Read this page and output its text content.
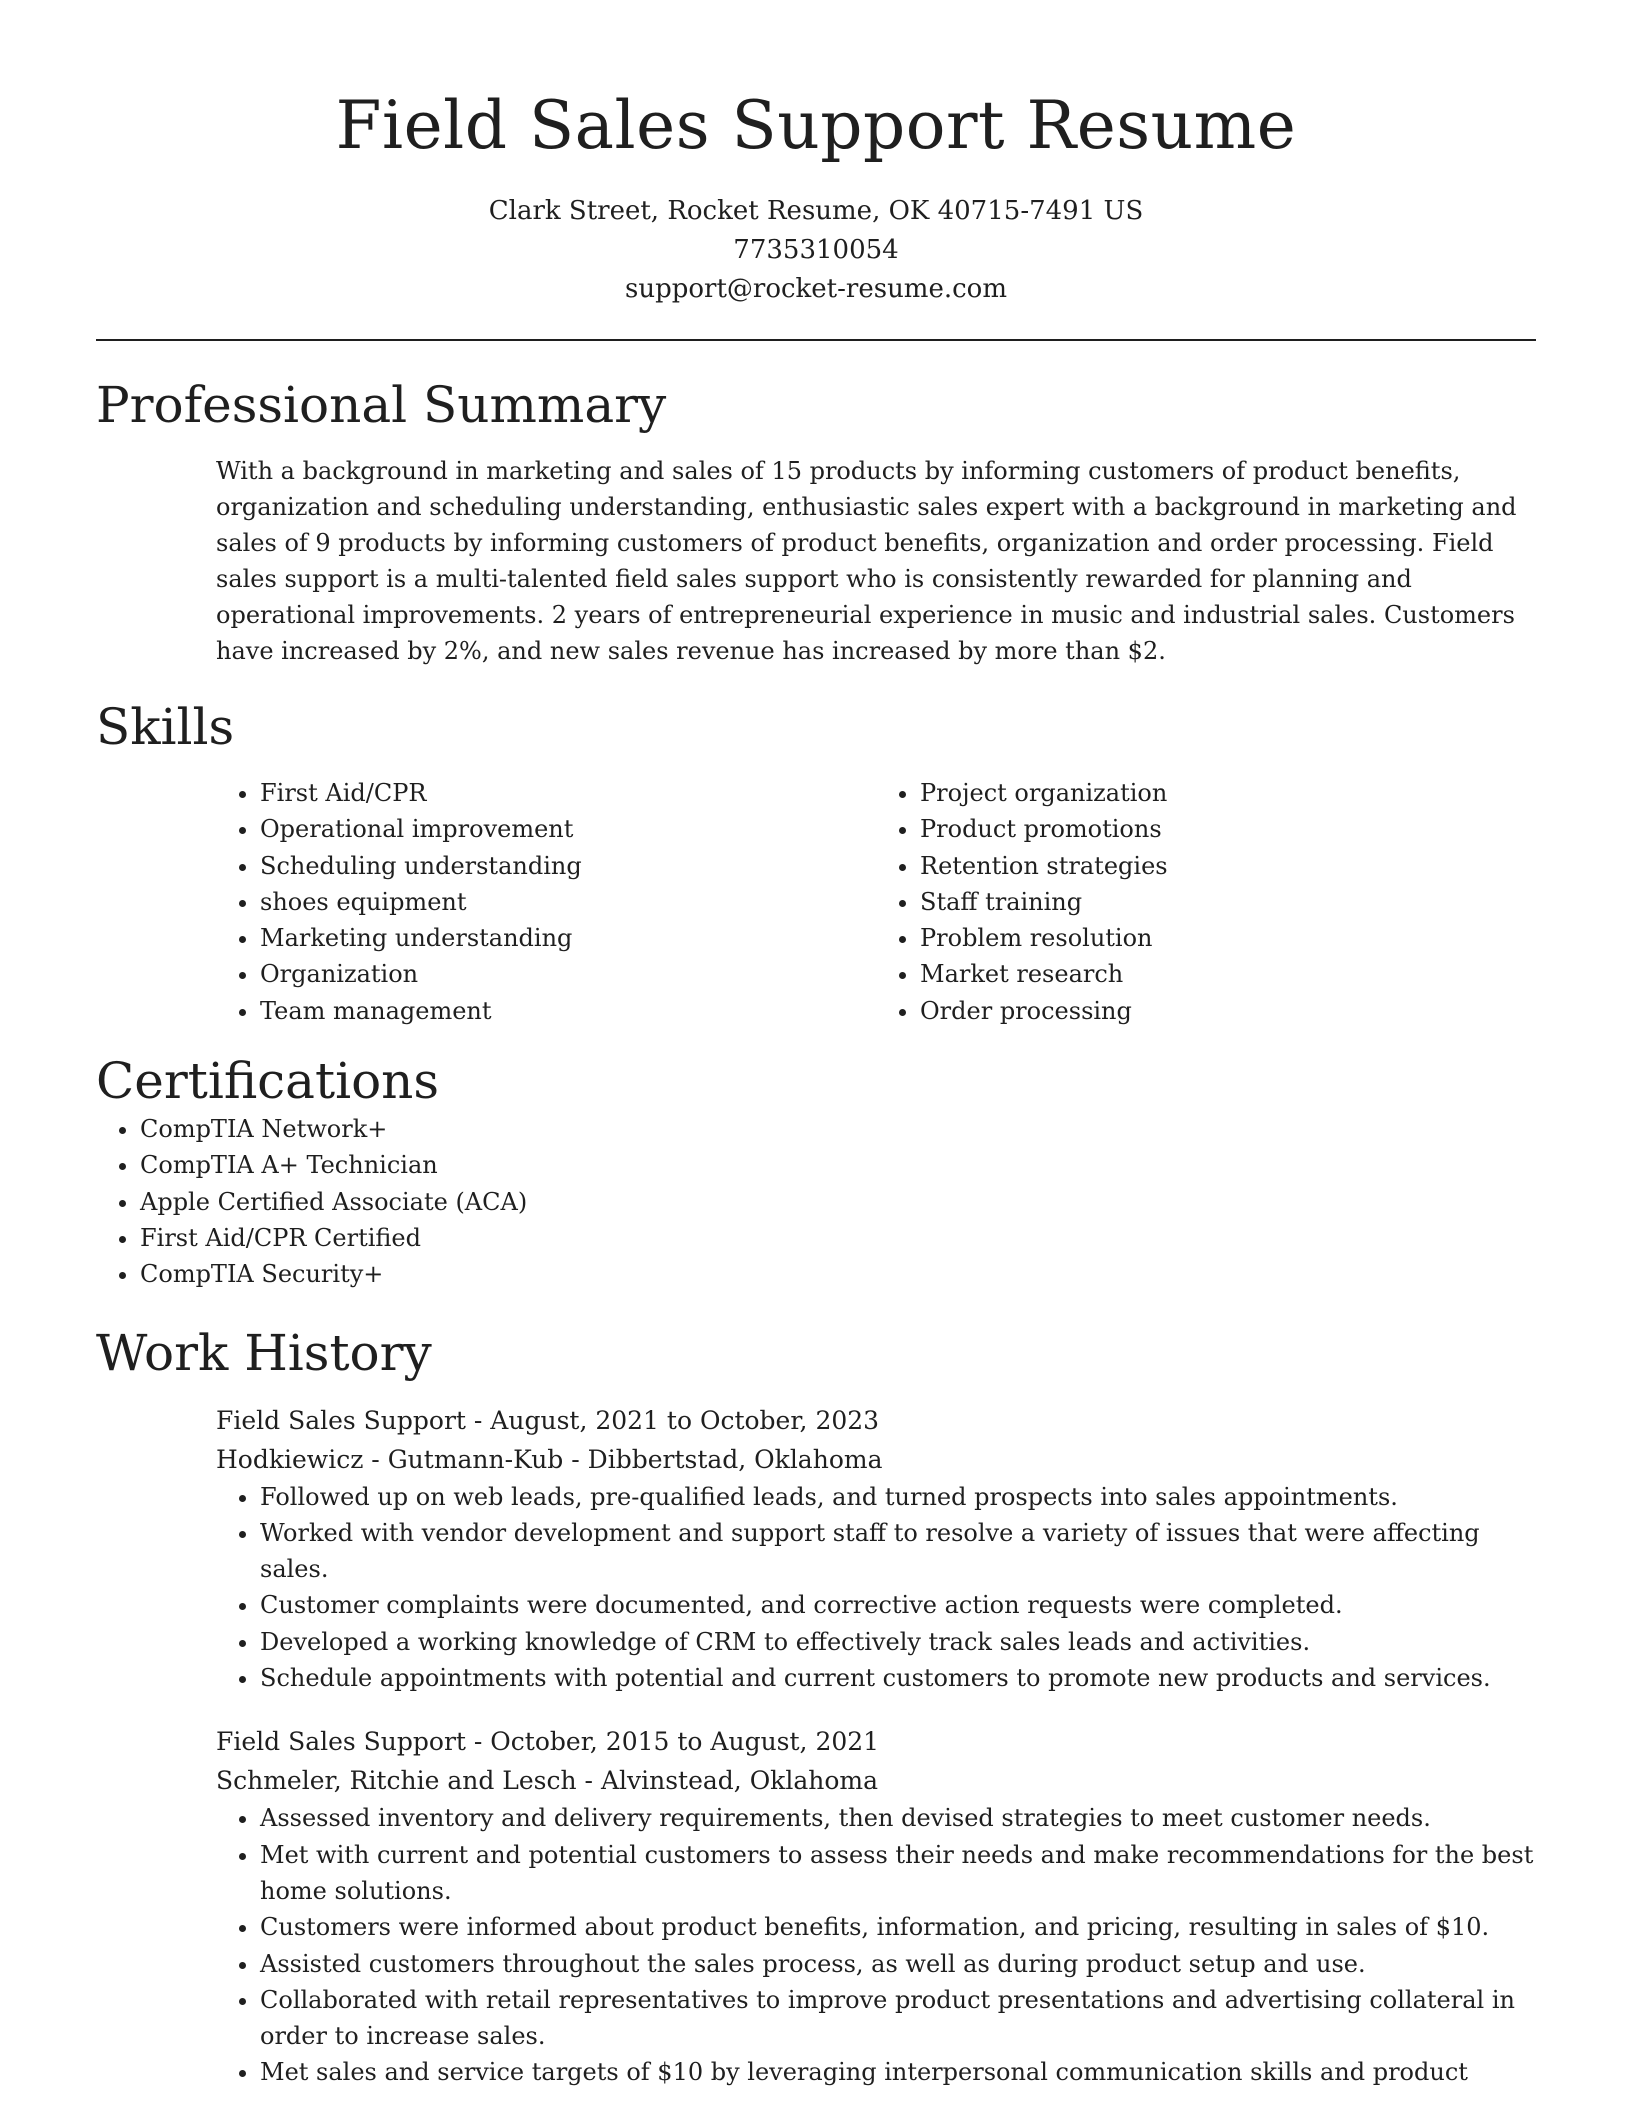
Field Sales Support Resume
Clark Street, Rocket Resume, OK 40715-7491 US
7735310054
support@rocket-resume.com
Professional Summary

With a background in marketing and sales of 15 products by informing customers of product benefits, organization and scheduling understanding, enthusiastic sales expert with a background in marketing and sales of 9 products by informing customers of product benefits, organization and order processing. Field sales support is a multi-talented field sales support who is consistently rewarded for planning and operational improvements. 2 years of entrepreneurial experience in music and industrial sales. Customers have increased by 2%, and new sales revenue has increased by more than $2.

Skills
• First Aid/CPR
• Operational improvement
• Scheduling understanding
• shoes equipment
• Marketing understanding
• Organization
• Team management
• Project organization
• Product promotions
• Retention strategies
• Staff training
• Problem resolution
• Market research
• Order processing
Certifications
• CompTIA Network+
• CompTIA A+ Technician
• Apple Certified Associate (ACA)
• First Aid/CPR Certified
• CompTIA Security+
Work History
Field Sales Support - August, 2021 to October, 2023
Hodkiewicz - Gutmann-Kub - Dibbertstad, Oklahoma
• Followed up on web leads, pre-qualified leads, and turned prospects into sales appointments.
• Worked with vendor development and support staff to resolve a variety of issues that were affecting sales.
• Customer complaints were documented, and corrective action requests were completed.
• Developed a working knowledge of CRM to effectively track sales leads and activities.
• Schedule appointments with potential and current customers to promote new products and services.
Field Sales Support - October, 2015 to August, 2021
Schmeler, Ritchie and Lesch - Alvinstead, Oklahoma
• Assessed inventory and delivery requirements, then devised strategies to meet customer needs.
• Met with current and potential customers to assess their needs and make recommendations for the best home solutions.
• Customers were informed about product benefits, information, and pricing, resulting in sales of $10.
• Assisted customers throughout the sales process, as well as during product setup and use.
• Collaborated with retail representatives to improve product presentations and advertising collateral in order to increase sales.
• Met sales and service targets of $10 by leveraging interpersonal communication skills and product
